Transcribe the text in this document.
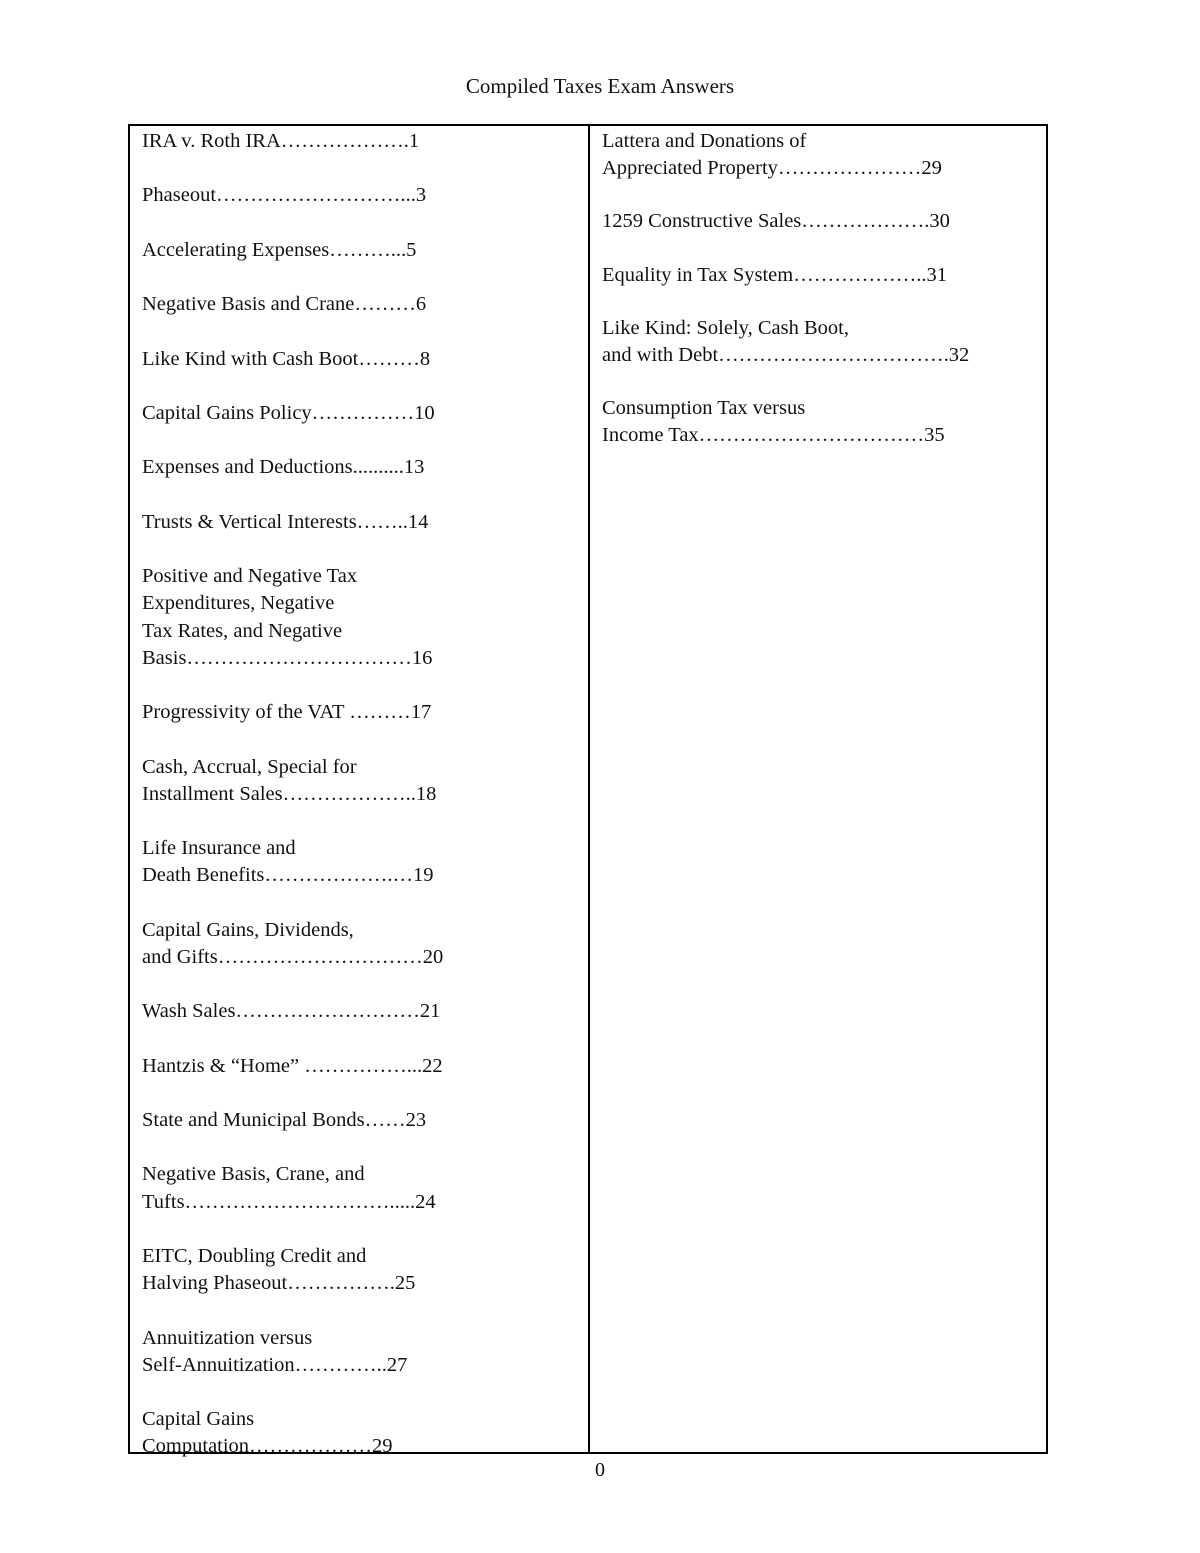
Compiled Taxes Exam Answers
IRA v. Roth IRA……………….1
Phaseout………………………...3
Accelerating Expenses………...5
Negative Basis and Crane………6
Like Kind with Cash Boot………8
Capital Gains Policy……………10
Expenses and Deductions..........13
Trusts & Vertical Interests……..14
Positive and Negative Tax
Expenditures, Negative
Tax Rates, and Negative
Basis……………………………16
Progressivity of the VAT ………17
Cash, Accrual, Special for
Installment Sales………………..18
Life Insurance and
Death Benefits……………….…19
Capital Gains, Dividends,
and Gifts…………………………20
Wash Sales………………………21
Hantzis & “Home” ……………...22
State and Municipal Bonds……23
Negative Basis, Crane, and
Tufts………………………….....24
EITC, Doubling Credit and
Halving Phaseout…………….25
Annuitization versus
Self-Annuitization…………..27
Capital Gains
Computation………………29
Lattera and Donations of
Appreciated Property…………………29
1259 Constructive Sales……………….30
Equality in Tax System………………..31
Like Kind: Solely, Cash Boot,
and with Debt…………………………….32
Consumption Tax versus
Income Tax……………………………35
0
